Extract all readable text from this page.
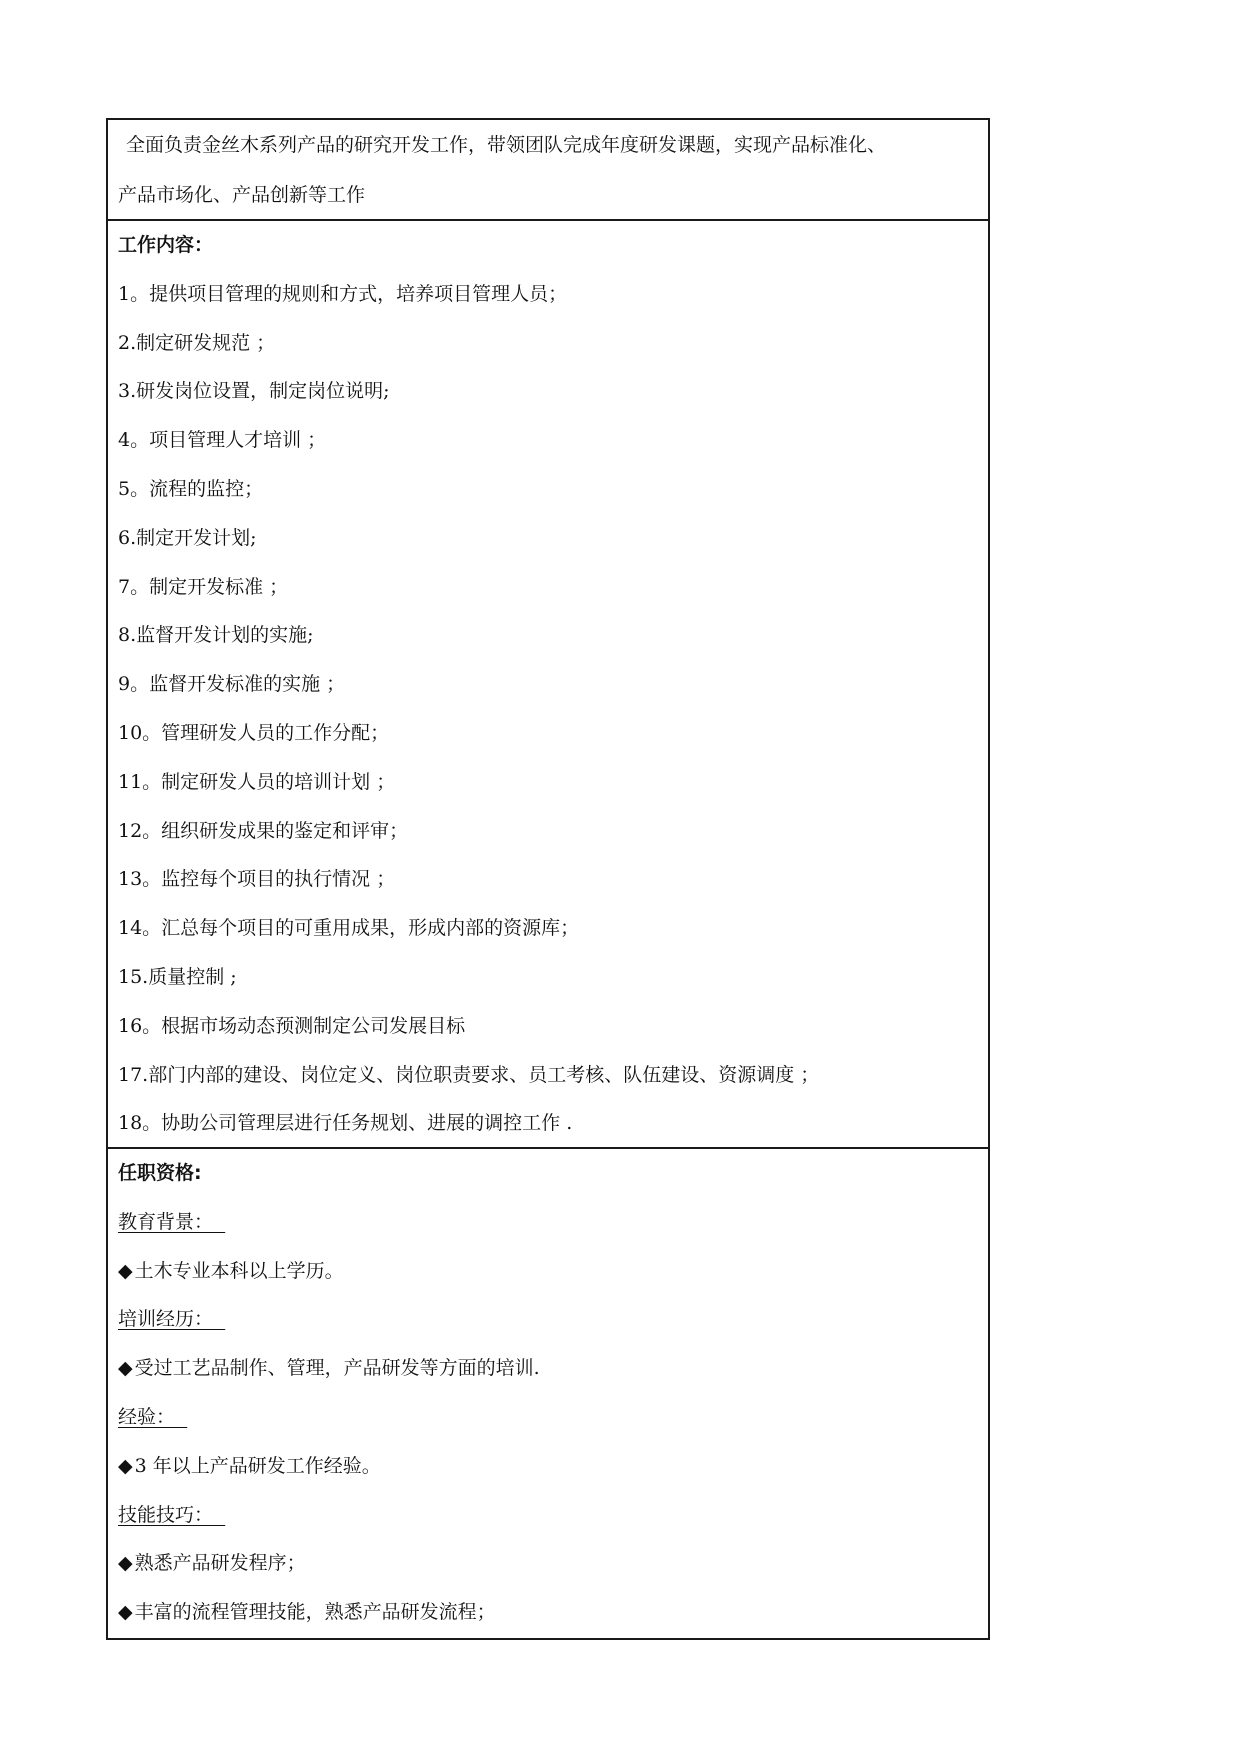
全面负责金丝木系列产品的研究开发工作，带领团队完成年度研发课题，实现产品标准化、
产品市场化、产品创新等工作
工作内容：
1。提供项目管理的规则和方式，培养项目管理人员；
2.制定研发规范 ；
3.研发岗位设置，制定岗位说明;
4。项目管理人才培训 ；
5。流程的监控；
6.制定开发计划;
7。制定开发标准 ；
8.监督开发计划的实施;
9。监督开发标准的实施 ；
10。管理研发人员的工作分配；
11。制定研发人员的培训计划 ；
12。组织研发成果的鉴定和评审；
13。监控每个项目的执行情况 ；
14。汇总每个项目的可重用成果，形成内部的资源库；
15.质量控制 ;
16。根据市场动态预测制定公司发展目标
17.部门内部的建设、岗位定义、岗位职责要求、员工考核、队伍建设、资源调度 ；
18。协助公司管理层进行任务规划、进展的调控工作 .
任职资格:
教育背景：
◆ 土木专业本科以上学历。
培训经历：
◆ 受过工艺品制作、管理，产品研发等方面的培训.
经验：
◆ 3 年以上产品研发工作经验。
技能技巧：
◆ 熟悉产品研发程序；
◆ 丰富的流程管理技能，熟悉产品研发流程；
